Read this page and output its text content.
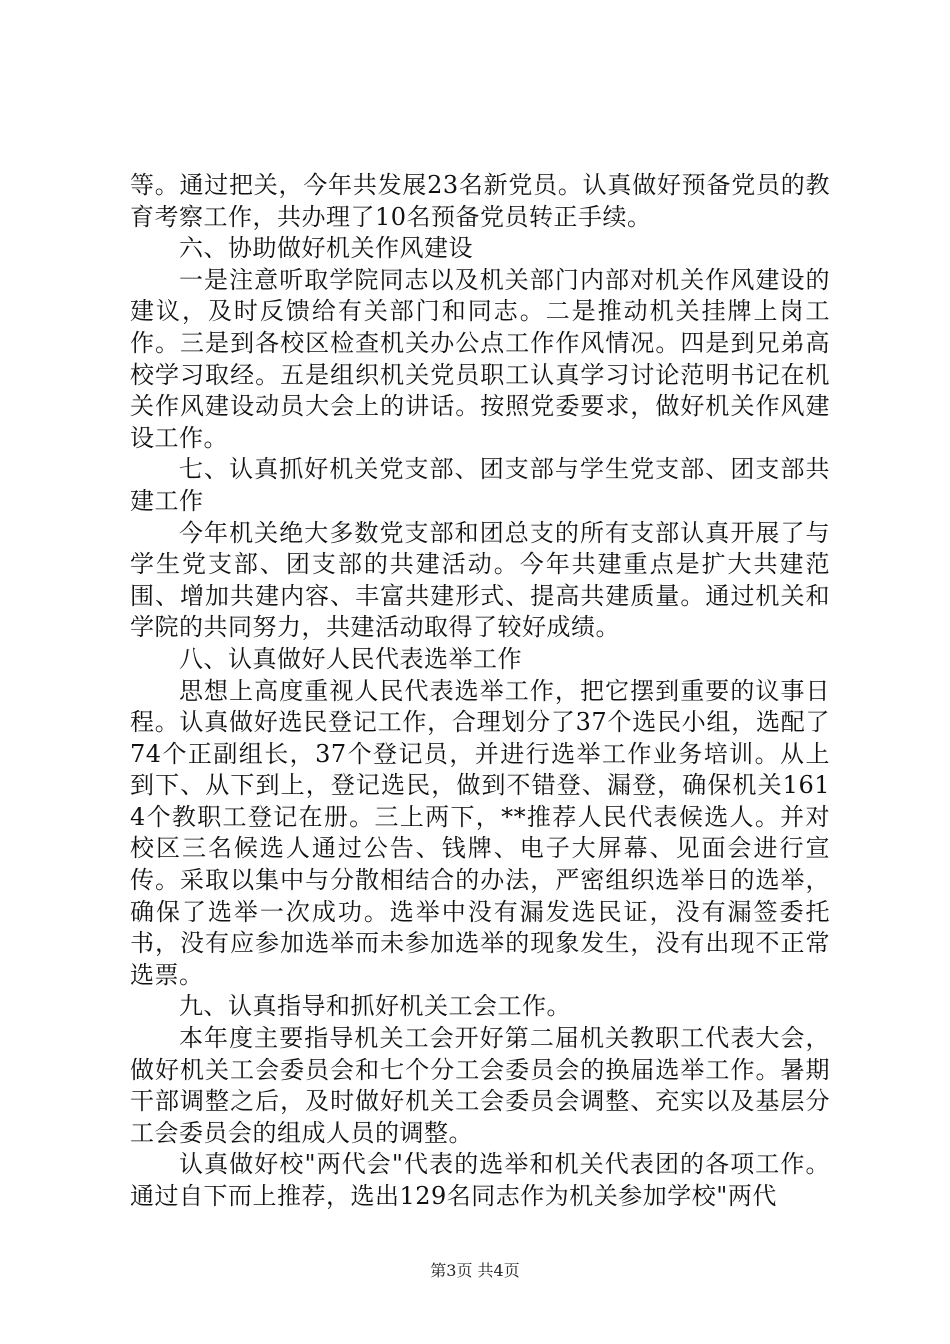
等。通过把关，今年共发展23名新党员。认真做好预备党员的教育考察工作，共办理了10名预备党员转正手续。

六、协助做好机关作风建设

一是注意听取学院同志以及机关部门内部对机关作风建设的建议，及时反馈给有关部门和同志。二是推动机关挂牌上岗工作。三是到各校区检查机关办公点工作作风情况。四是到兄弟高校学习取经。五是组织机关党员职工认真学习讨论范明书记在机关作风建设动员大会上的讲话。按照党委要求，做好机关作风建设工作。

七、认真抓好机关党支部、团支部与学生党支部、团支部共建工作

今年机关绝大多数党支部和团总支的所有支部认真开展了与学生党支部、团支部的共建活动。今年共建重点是扩大共建范围、增加共建内容、丰富共建形式、提高共建质量。通过机关和学院的共同努力，共建活动取得了较好成绩。

八、认真做好人民代表选举工作

思想上高度重视人民代表选举工作，把它摆到重要的议事日程。认真做好选民登记工作，合理划分了37个选民小组，选配了74个正副组长，37个登记员，并进行选举工作业务培训。从上到下、从下到上，登记选民，做到不错登、漏登，确保机关1614个教职工登记在册。三上两下，**推荐人民代表候选人。并对校区三名候选人通过公告、钱牌、电子大屏幕、见面会进行宣传。采取以集中与分散相结合的办法，严密组织选举日的选举，确保了选举一次成功。选举中没有漏发选民证，没有漏签委托书，没有应参加选举而未参加选举的现象发生，没有出现不正常选票。

九、认真指导和抓好机关工会工作。

本年度主要指导机关工会开好第二届机关教职工代表大会，做好机关工会委员会和七个分工会委员会的换届选举工作。暑期干部调整之后，及时做好机关工会委员会调整、充实以及基层分工会委员会的组成人员的调整。

认真做好校"两代会"代表的选举和机关代表团的各项工作。通过自下而上推荐，选出129名同志作为机关参加学校"两代

第3页 共4页
